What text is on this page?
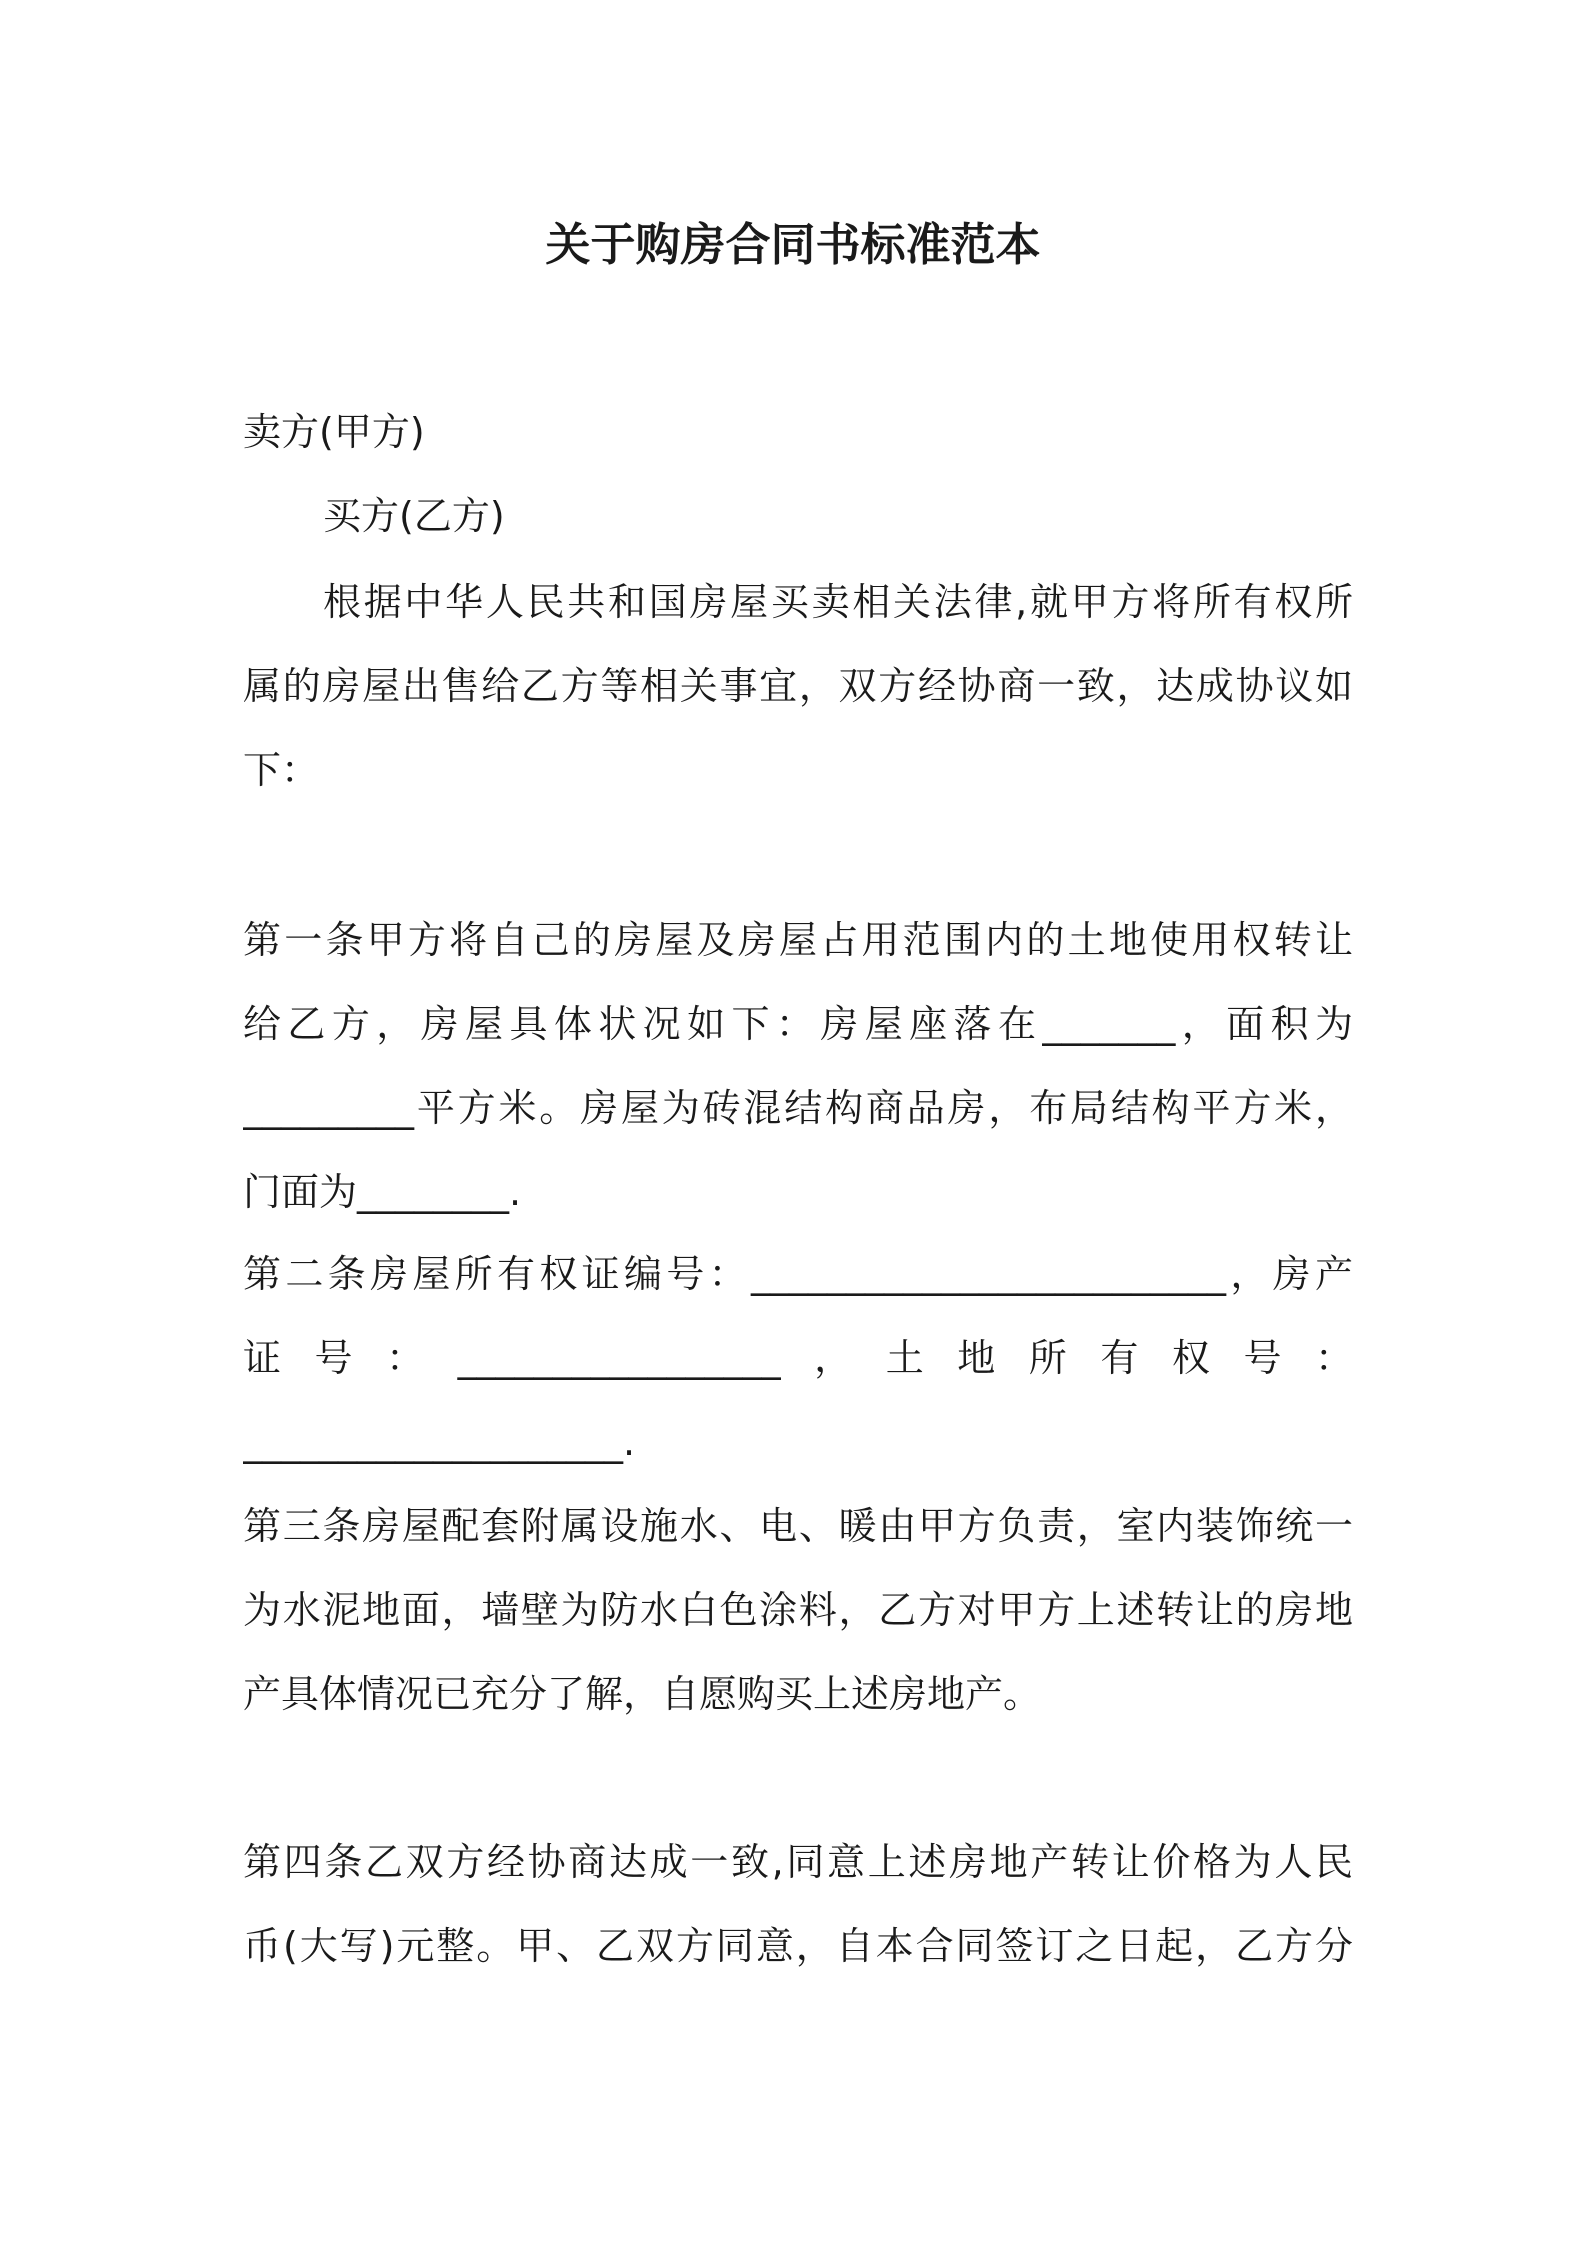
关于购房合同书标准范本

卖方(甲方)

买方(乙方)

根据中华人民共和国房屋买卖相关法律,就甲方将所有权所

属的房屋出售给乙方等相关事宜，双方经协商一致，达成协议如

下：

第一条甲方将自己的房屋及房屋占用范围内的土地使用权转让

给乙方，房屋具体状况如下：房屋座落在_______，面积为

_________平方米。房屋为砖混结构商品房，布局结构平方米，

门面为________.

第二条房屋所有权证编号：_________________________，房产

证号：_________________，土地所有权号：

____________________.

第三条房屋配套附属设施水、电、暖由甲方负责，室内装饰统一

为水泥地面，墙壁为防水白色涂料，乙方对甲方上述转让的房地

产具体情况已充分了解，自愿购买上述房地产。

第四条乙双方经协商达成一致,同意上述房地产转让价格为人民

币(大写)元整。甲、乙双方同意，自本合同签订之日起，乙方分
